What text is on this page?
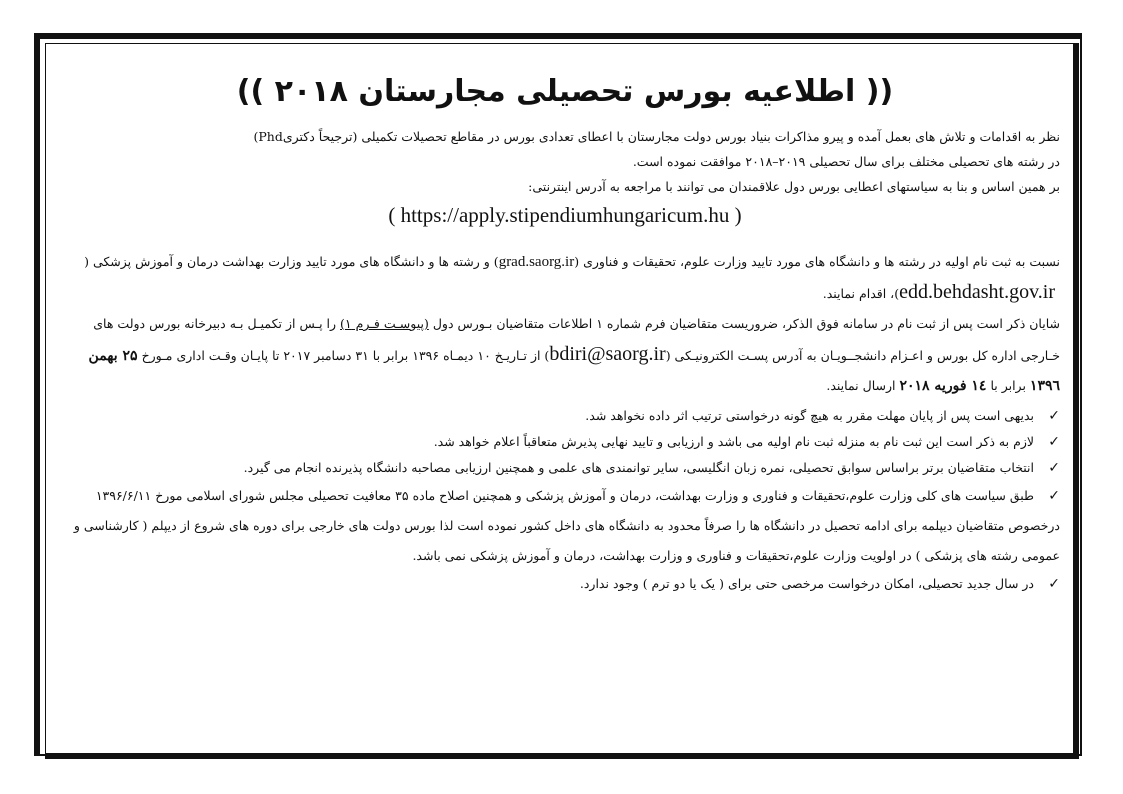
(( اطلاعیه بورس تحصیلی مجارستان ۲۰۱۸ ))

نظر به اقدامات و تلاش های بعمل آمده و پیرو مذاکرات بنیاد بورس دولت مجارستان با اعطای تعدادی بورس در مقاطع تحصیلات تکمیلی (ترجیحاً دکتریPhd)

در رشته های تحصیلی مختلف برای سال تحصیلی ۲۰۱۹–۲۰۱۸ موافقت نموده است.

بر همین اساس و بنا به سیاستهای اعطایی بورس دول علاقمندان می توانند با مراجعه به آدرس اینترنتی:

( https://apply.stipendiumhungaricum.hu )

نسبت به ثبت نام اولیه در رشته ها و دانشگاه های مورد تایید وزارت علوم، تحقیقات و فناوری (grad.saorg.ir) و رشته ها و دانشگاه های مورد تایید وزارت بهداشت درمان و آموزش پزشکی ( edd.behdasht.gov.ir )، اقدام نمایند.

شایان ذکر است پس از ثبت نام در سامانه فوق الذکر، ضروریست متقاضیان فرم شماره ۱ اطلاعات متقاضیان بـورس دول (پیوسـت فـرم ۱) را پـس از تکمیـل بـه دبیرخانه بورس دولت های خـارجی اداره کل بورس و اعـزام دانشجــویـان به آدرس پسـت الکترونیـکی (bdiri@saorg.ir) از تـاریـخ ۱۰ دیمـاه ۱۳۹۶ برابر با ۳۱ دسامبر ۲۰۱۷ تا پایـان وقـت اداری مـورخ ۲۵ بهمن ۱۳۹٦ برابر با ۱٤ فوریه ۲۰۱۸ ارسال نمایند.

✓بدیهی است پس از پایان مهلت مقرر به هیچ گونه درخواستی ترتیب اثر داده نخواهد شد.

✓لازم به ذکر است این ثبت نام به منزله ثبت نام اولیه می باشد و ارزیابی و تایید نهایی پذیرش متعاقباً اعلام خواهد شد.

✓انتخاب متقاضیان برتر براساس سوابق تحصیلی، نمره زبان انگلیسی، سایر توانمندی های علمی و همچنین ارزیابی مصاحبه دانشگاه پذیرنده انجام می گیرد.

✓طبق سیاست های کلی وزارت علوم،تحقیقات و فناوری و وزارت بهداشت، درمان و آموزش پزشکی و همچنین اصلاح ماده ۳۵ معافیت تحصیلی مجلس شورای اسلامی مورخ ۱۳۹۶/۶/۱۱ درخصوص متقاضیان دیپلمه برای ادامه تحصیل در دانشگاه ها را صرفاً محدود به دانشگاه های داخل کشور نموده است لذا بورس دولت های خارجی برای دوره های شروع از دیپلم ( کارشناسی و عمومی رشته های پزشکی ) در اولویت وزارت علوم،تحقیقات و فناوری و وزارت بهداشت، درمان و آموزش پزشکی نمی باشد.

✓در سال جدید تحصیلی، امکان درخواست مرخصی حتی برای ( یک یا دو ترم ) وجود ندارد.
